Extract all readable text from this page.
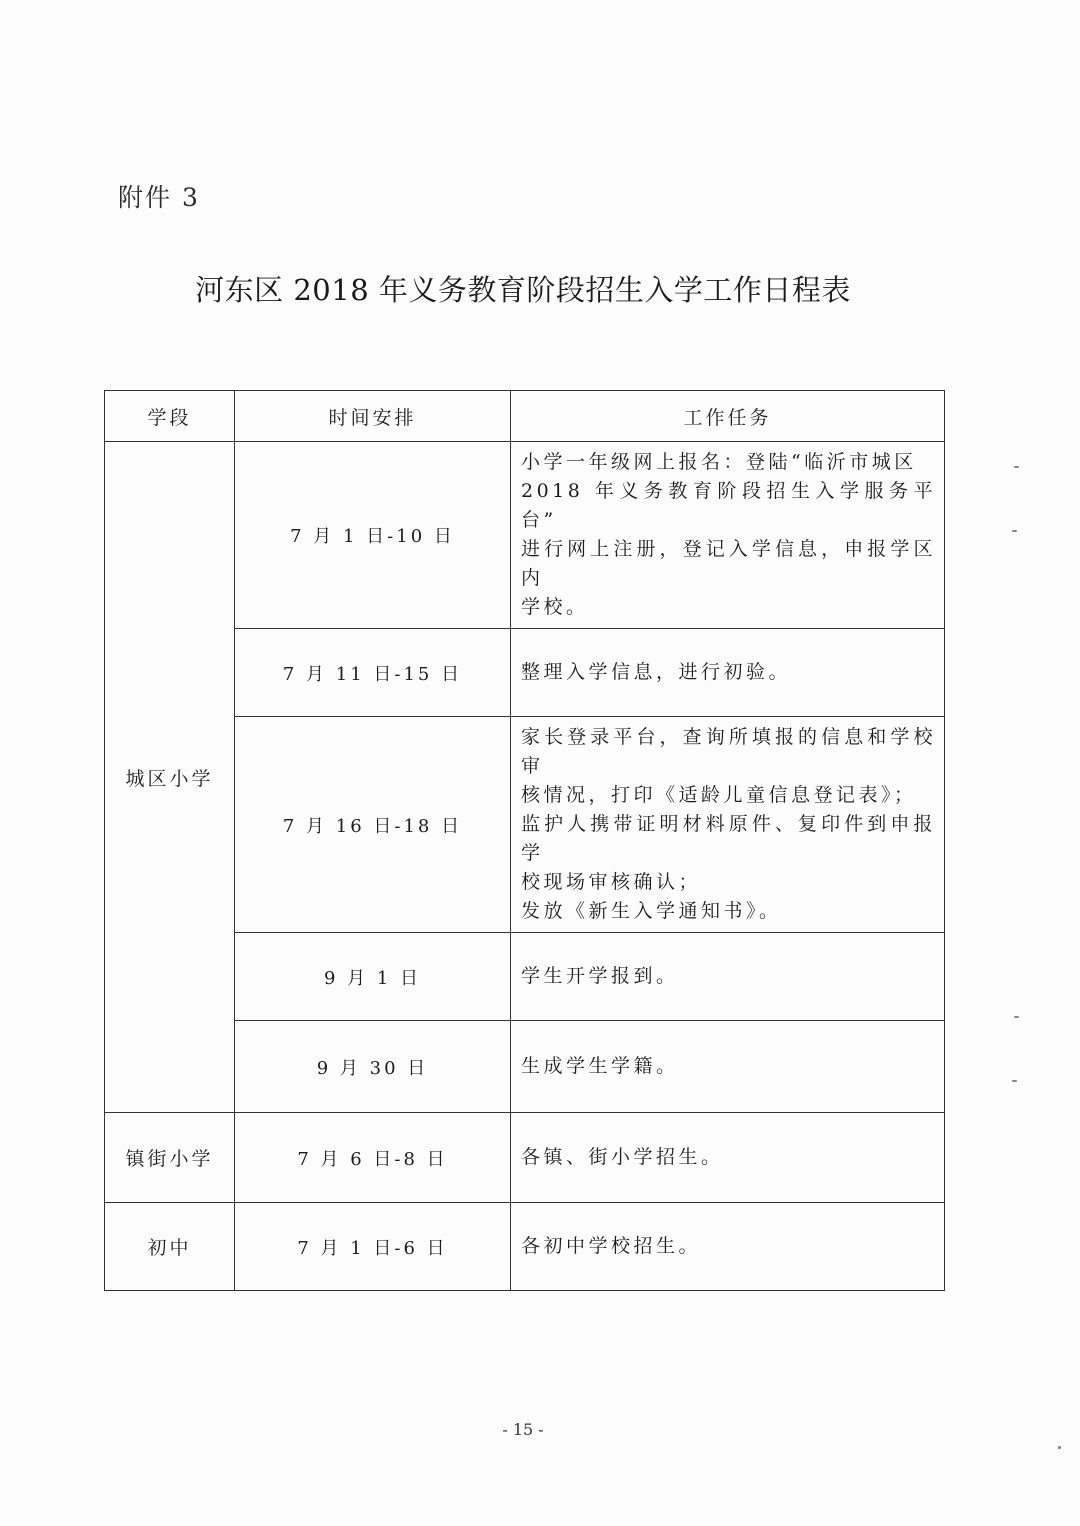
附件 3
河东区 2018 年义务教育阶段招生入学工作日程表
学段	时间安排	工作任务
城区小学	7 月 1 日-10 日	小学一年级网上报名：登陆“临沂市城区
2018 年义务教育阶段招生入学服务平台”
进行网上注册，登记入学信息，申报学区内
学校。

	7 月 11 日-15 日	整理入学信息，进行初验。

	7 月 16 日-18 日	家长登录平台，查询所填报的信息和学校审
核情况，打印《适龄儿童信息登记表》；
监护人携带证明材料原件、复印件到申报学
校现场审核确认；
发放《新生入学通知书》。

	9 月 1 日	学生开学报到。

	9 月 30 日	生成学生学籍。

镇街小学	7 月 6 日-8 日	各镇、街小学招生。

初中	7 月 1 日-6 日	各初中学校招生。
- 15 -
